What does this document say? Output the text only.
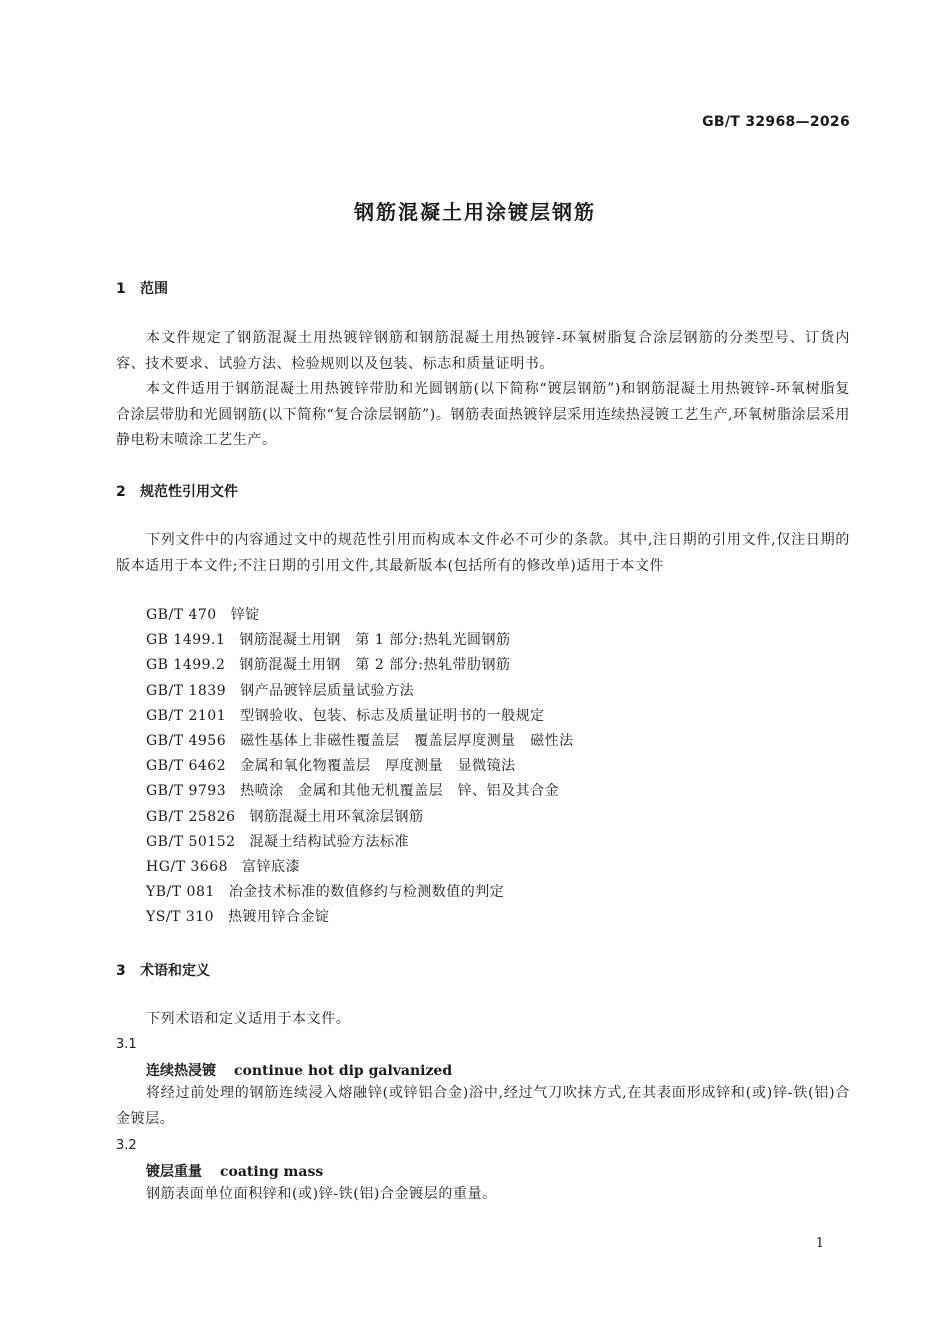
GB/T 32968—2026
钢筋混凝土用涂镀层钢筋
1 范围
本文件规定了钢筋混凝土用热镀锌钢筋和钢筋混凝土用热镀锌-环氧树脂复合涂层钢筋的分类型号、订货内容、技术要求、试验方法、检验规则以及包装、标志和质量证明书。
本文件适用于钢筋混凝土用热镀锌带肋和光圆钢筋(以下简称“镀层钢筋”)和钢筋混凝土用热镀锌-环氧树脂复合涂层带肋和光圆钢筋(以下简称“复合涂层钢筋”)。钢筋表面热镀锌层采用连续热浸镀工艺生产,环氧树脂涂层采用静电粉末喷涂工艺生产。
2 规范性引用文件
下列文件中的内容通过文中的规范性引用而构成本文件必不可少的条款。其中,注日期的引用文件,仅注日期的版本适用于本文件;不注日期的引用文件,其最新版本(包括所有的修改单)适用于本文件
GB/T 470 锌锭
GB 1499.1 钢筋混凝土用钢　第 1 部分:热轧光圆钢筋
GB 1499.2 钢筋混凝土用钢　第 2 部分:热轧带肋钢筋
GB/T 1839 钢产品镀锌层质量试验方法
GB/T 2101 型钢验收、包装、标志及质量证明书的一般规定
GB/T 4956 磁性基体上非磁性覆盖层　覆盖层厚度测量　磁性法
GB/T 6462 金属和氧化物覆盖层　厚度测量　显微镜法
GB/T 9793 热喷涂　金属和其他无机覆盖层　锌、铝及其合金
GB/T 25826 钢筋混凝土用环氧涂层钢筋
GB/T 50152 混凝土结构试验方法标准
HG/T 3668 富锌底漆
YB/T 081 冶金技术标准的数值修约与检测数值的判定
YS/T 310 热镀用锌合金锭
3 术语和定义
下列术语和定义适用于本文件。
3.1
连续热浸镀 continue hot dip galvanized
将经过前处理的钢筋连续浸入熔融锌(或锌铝合金)浴中,经过气刀吹抹方式,在其表面形成锌和(或)锌-铁(铝)合金镀层。
3.2
镀层重量 coating mass
钢筋表面单位面积锌和(或)锌-铁(铝)合金镀层的重量。
1
